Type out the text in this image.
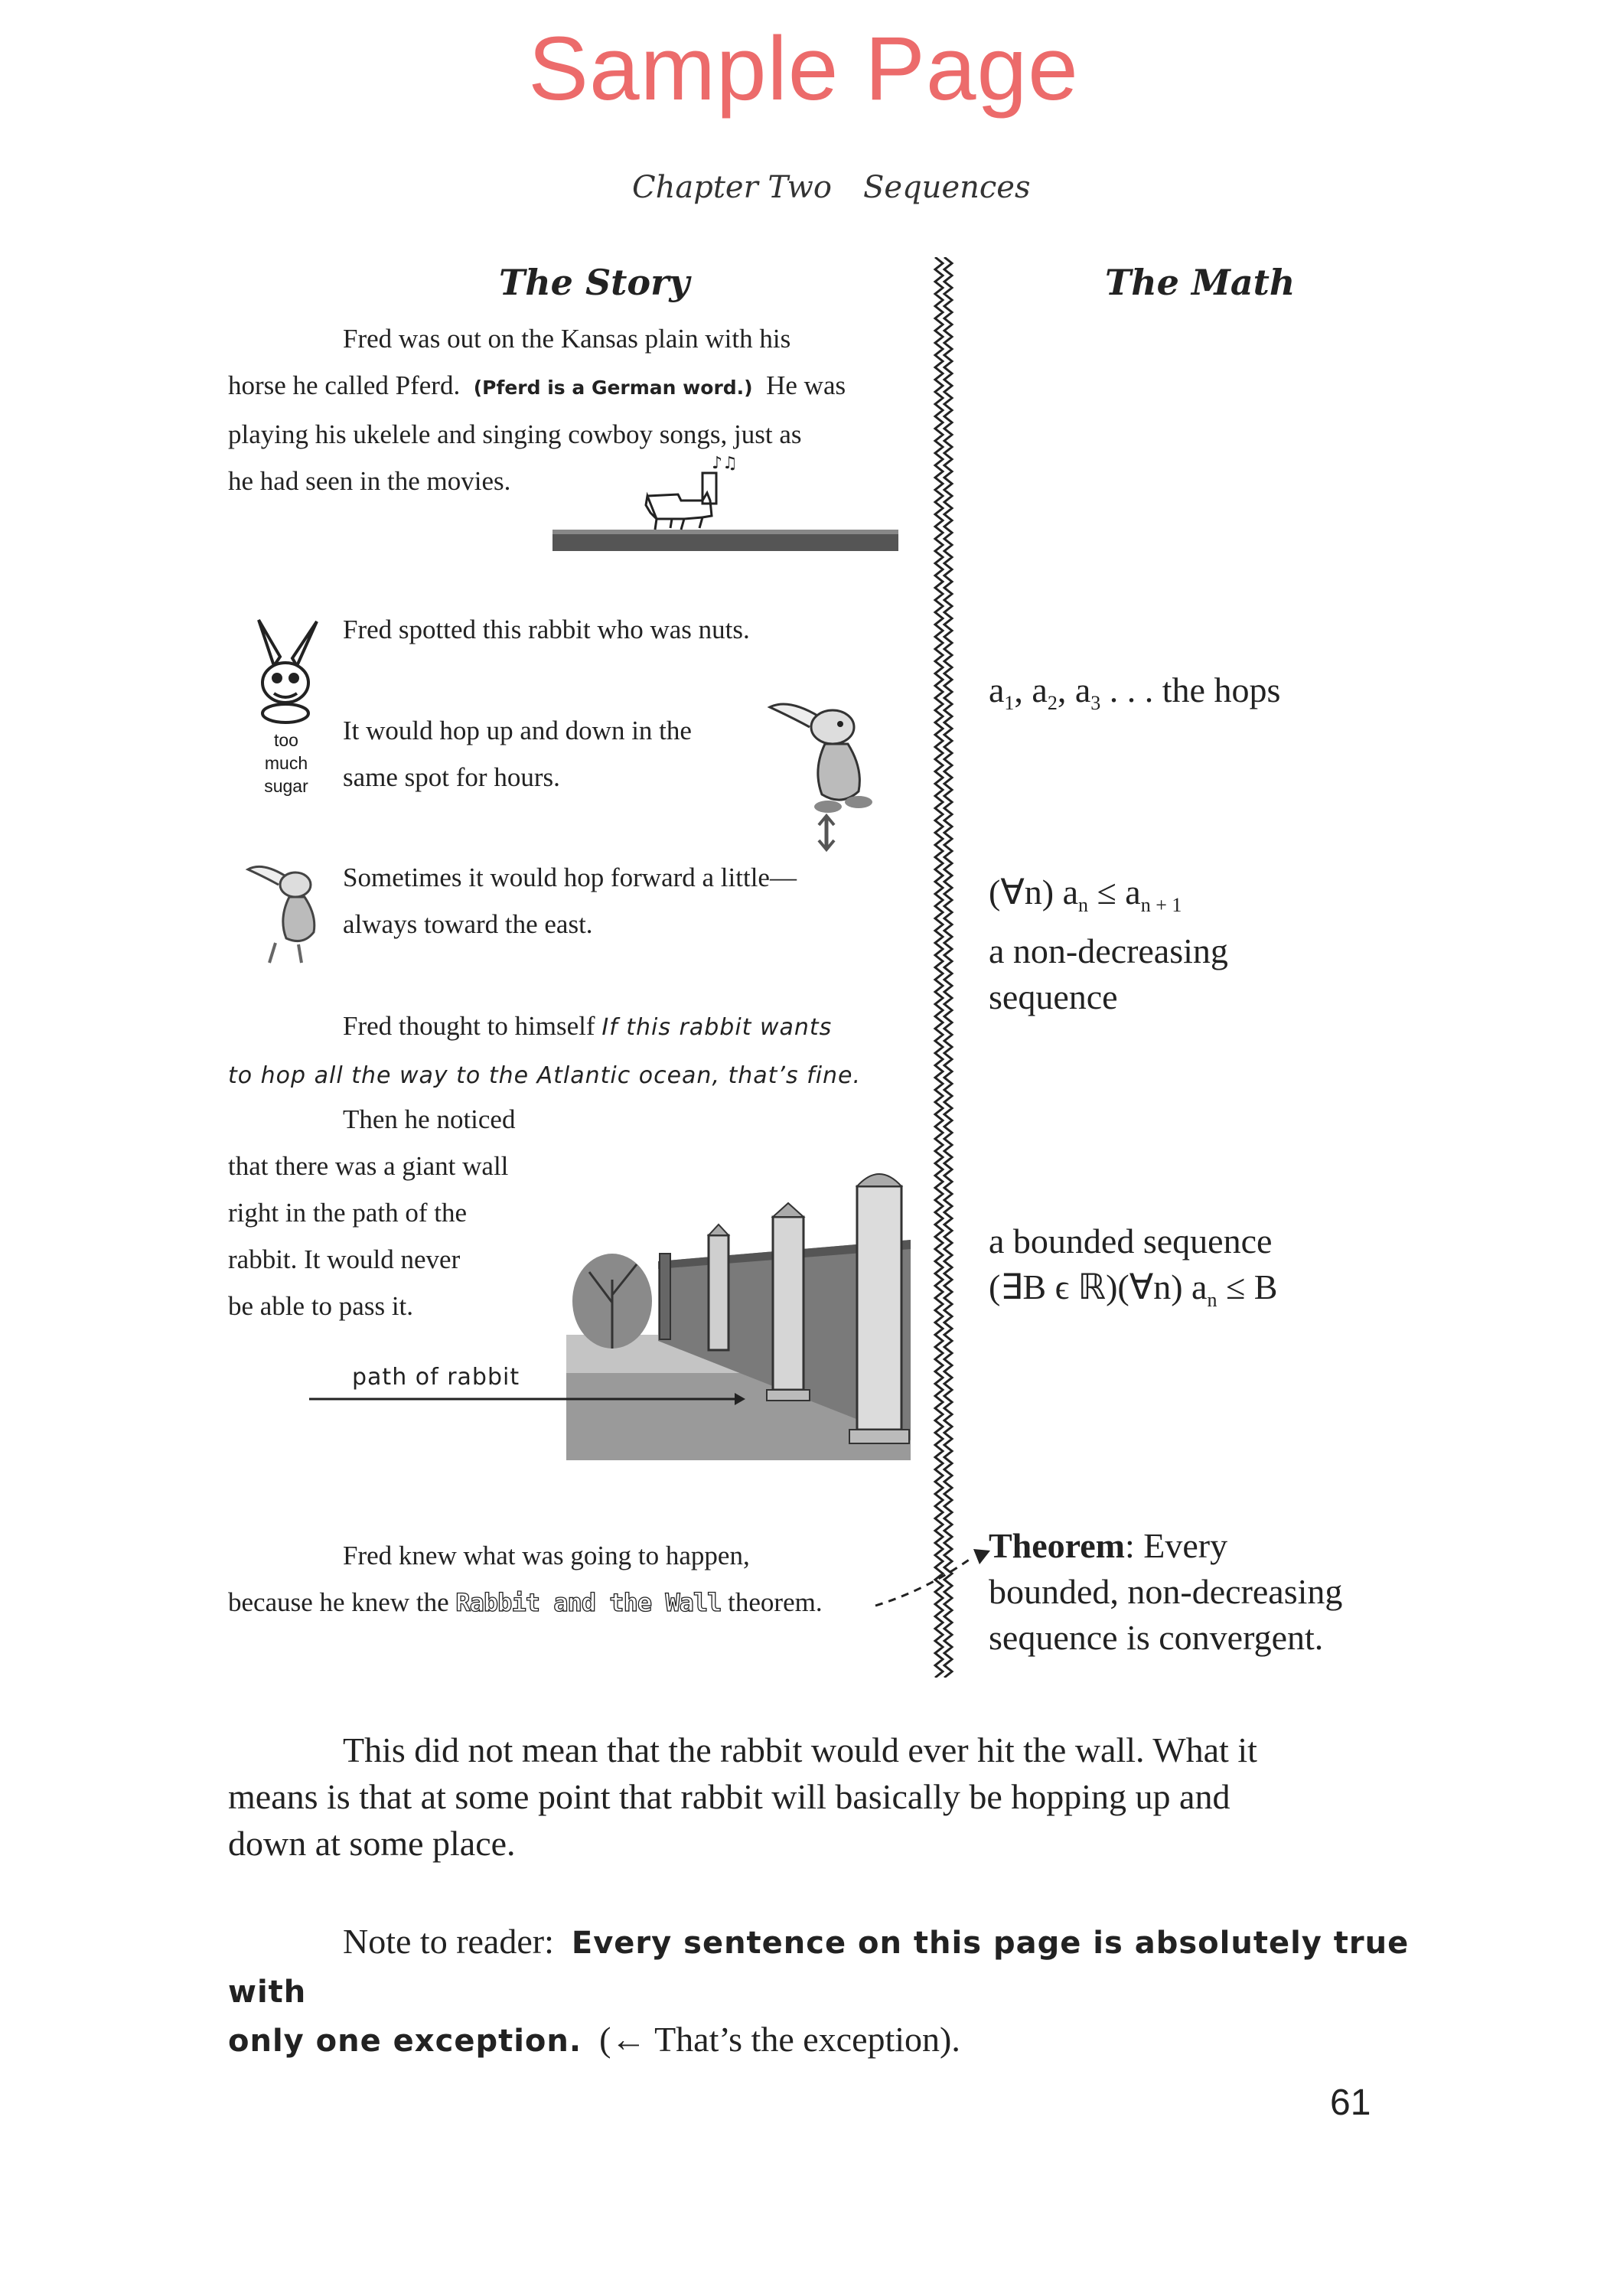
Sample Page
Chapter Two Sequences
The Story	The Math

Fred was out on the Kansas plain with his

horse he called Pferd. (Pferd is a German word.) He was

playing his ukelele and singing cowboy songs, just as

he had seen in the movies.

♪♫
too
much
sugar
Fred spotted this rabbit who was nuts.

It would hop up and down in the

same spot for hours.

Sometimes it would hop forward a little—

always toward the east.

Fred thought to himself If this rabbit wants

to hop all the way to the Atlantic ocean, that’s fine.

Then he noticed

that there was a giant wall

right in the path of the

rabbit. It would never

be able to pass it.

path of rabbit

Fred knew what was going to happen,

because he knew the Rabbit and the Wall theorem.

$a_1$, $a_2$, $a_3$ . . . the hops
(∀n) $a_n \le a_{n + 1}$
a non-decreasing
sequence
a bounded sequence
(∃B ϵ ℝ)(∀n) $a_n \le B$
Theorem: Every
bounded, non-decreasing
sequence is convergent.
This did not mean that the rabbit would ever hit the wall. What it
means is that at some point that rabbit will basically be hopping up and
down at some place.
Note to reader: Every sentence on this page is absolutely true with
only one exception. (← That’s the exception).
61
